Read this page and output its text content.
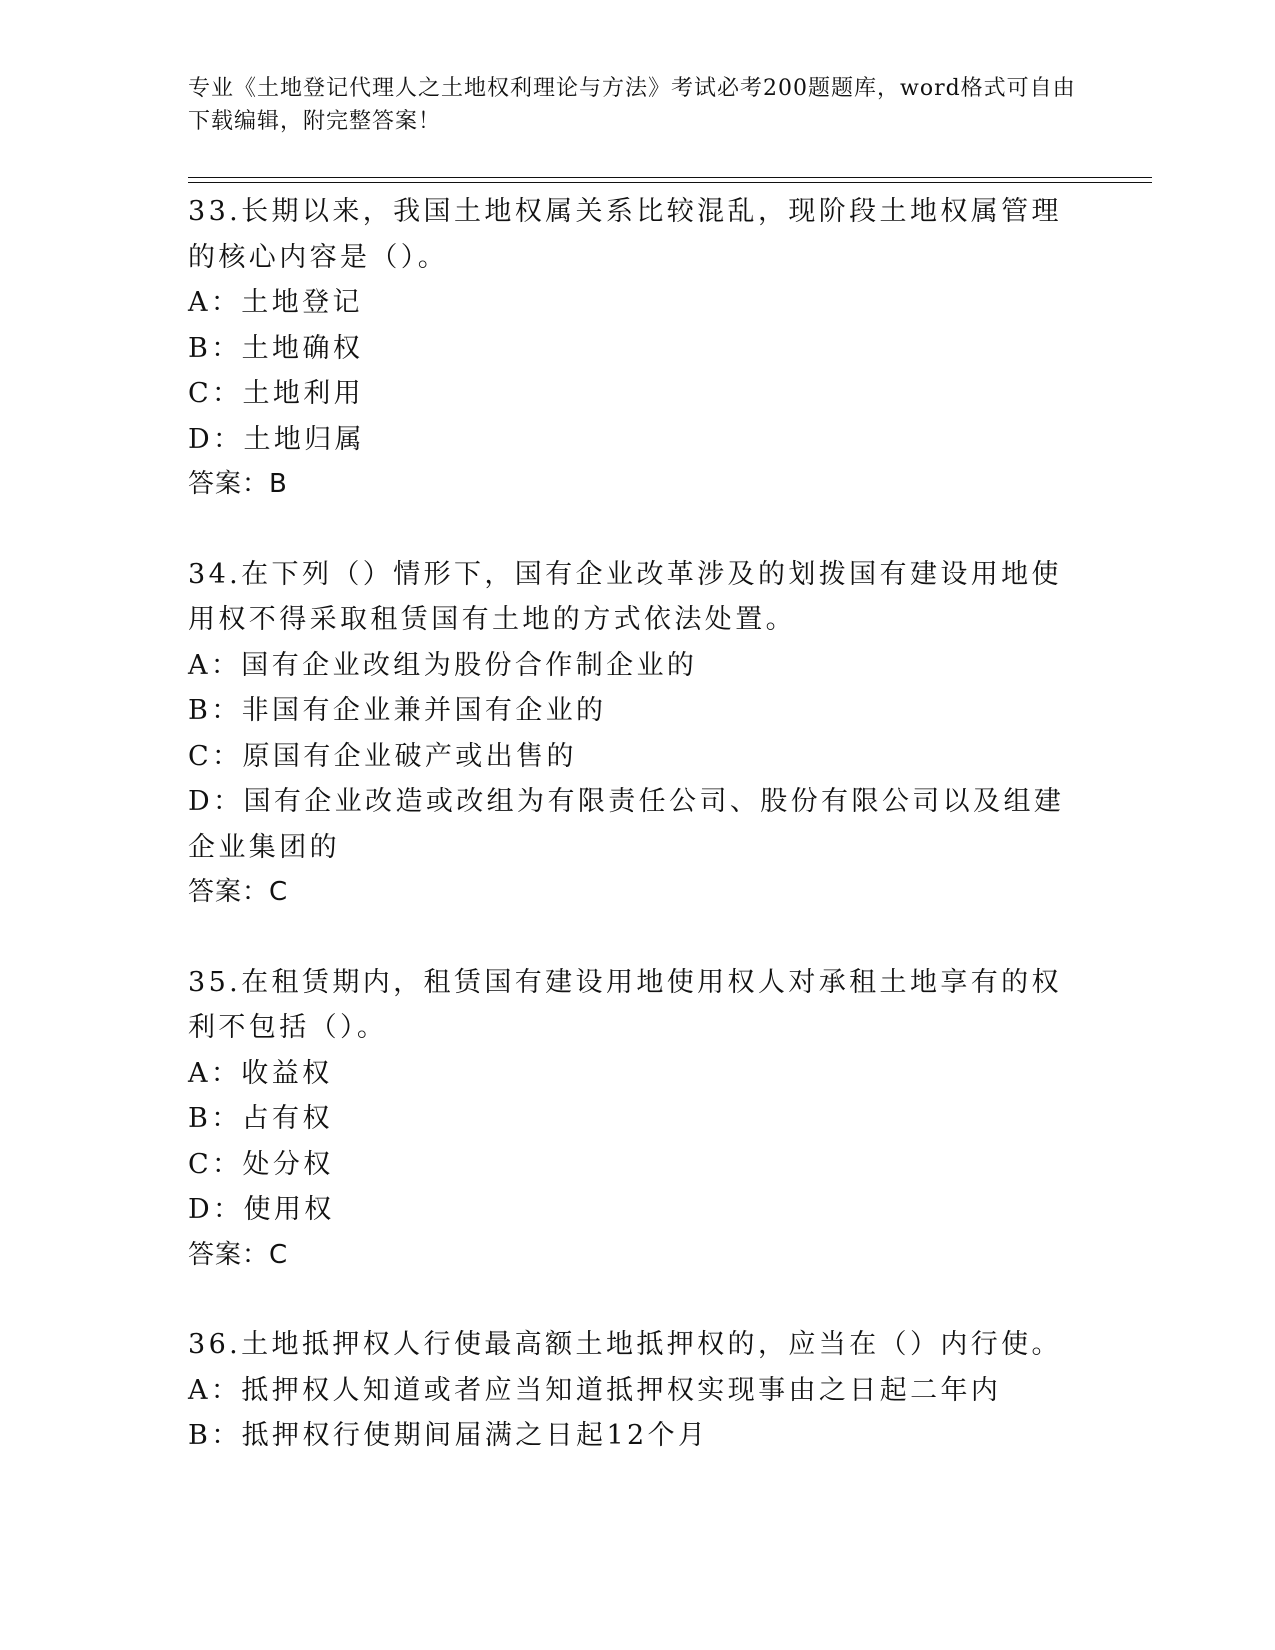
专业《土地登记代理人之土地权利理论与方法》考试必考200题题库，word格式可自由下载编辑，附完整答案！
33.长期以来，我国土地权属关系比较混乱，现阶段土地权属管理的核心内容是（）。
A：土地登记
B：土地确权
C：土地利用
D：土地归属
答案：B
34.在下列（）情形下，国有企业改革涉及的划拨国有建设用地使用权不得采取租赁国有土地的方式依法处置。
A：国有企业改组为股份合作制企业的
B：非国有企业兼并国有企业的
C：原国有企业破产或出售的
D：国有企业改造或改组为有限责任公司、股份有限公司以及组建企业集团的
答案：C
35.在租赁期内，租赁国有建设用地使用权人对承租土地享有的权利不包括（）。
A：收益权
B：占有权
C：处分权
D：使用权
答案：C
36.土地抵押权人行使最高额土地抵押权的，应当在（）内行使。
A：抵押权人知道或者应当知道抵押权实现事由之日起二年内
B：抵押权行使期间届满之日起12个月
